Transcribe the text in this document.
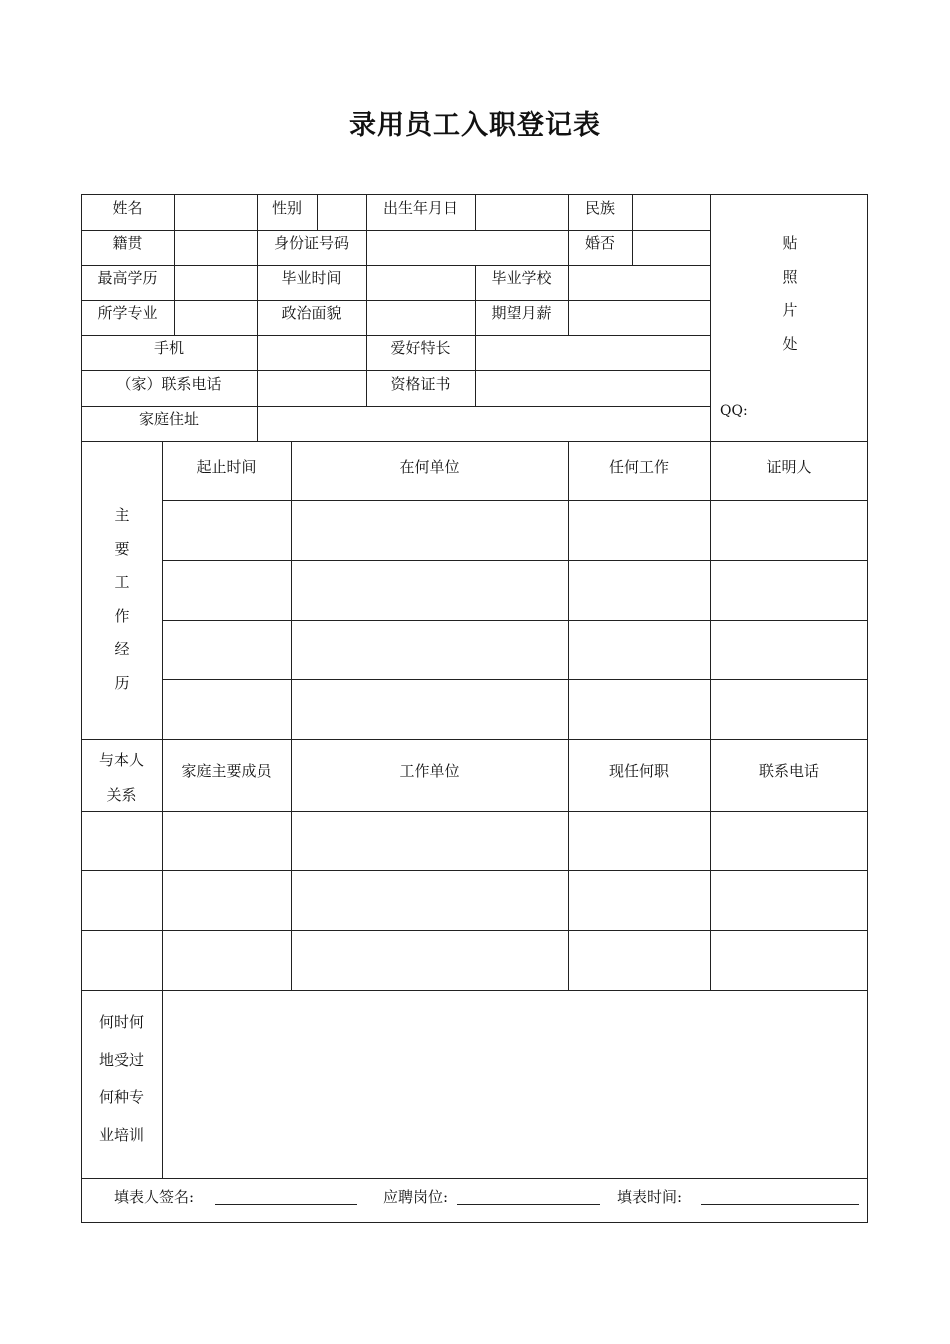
录用员工入职登记表
姓名	性别	出生年月日	民族
籍贯	身份证号码	婚否
最高学历	毕业时间	毕业学校
所学专业	政治面貌	期望月薪
手机	爱好特长
（家）联系电话	资格证书
家庭住址
贴
照
片
处
QQ:
主
要
工
作
经
历
起止时间	在何单位	任何工作	证明人
与本人
关系
家庭主要成员	工作单位	现任何职	联系电话
何时何
地受过
何种专
业培训
填表人签名:	应聘岗位:	填表时间:
